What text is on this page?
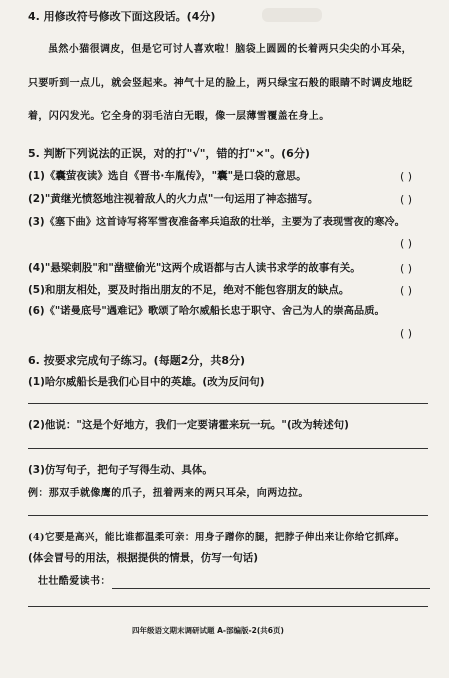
4. 用修改符号修改下面这段话。(4分)
虽然小猫很调皮，但是它可讨人喜欢啦！脑袋上圆圆的长着两只尖尖的小耳朵，
只要听到一点儿，就会竖起来。神气十足的脸上，两只绿宝石般的眼睛不时调皮地眨
着，闪闪发光。它全身的羽毛洁白无暇，像一层薄雪覆盖在身上。
5. 判断下列说法的正误，对的打"√"，错的打"×"。(6分)
(1)《囊萤夜读》选自《晋书·车胤传》，"囊"是口袋的意思。	( )
(2)"黄继光愤怒地注视着敌人的火力点"一句运用了神态描写。	( )
(3)《塞下曲》这首诗写将军雪夜准备率兵追敌的壮举，主要为了表现雪夜的寒冷。
( )
(4)"悬梁刺股"和"凿壁偷光"这两个成语都与古人读书求学的故事有关。	( )
(5)和朋友相处，要及时指出朋友的不足，绝对不能包容朋友的缺点。	( )
(6)《"诺曼底号"遇难记》歌颂了哈尔威船长忠于职守、舍己为人的崇高品质。
( )
6. 按要求完成句子练习。(每题2分，共8分)
(1)哈尔威船长是我们心目中的英雄。(改为反问句)
(2)他说："这是个好地方，我们一定要请霍来玩一玩。"(改为转述句)
(3)仿写句子，把句子写得生动、具体。
例：那双手就像鹰的爪子，扭着两来的两只耳朵，向两边拉。
(4)它要是高兴，能比谁都温柔可亲：用身子蹭你的腿，把脖子伸出来让你给它抓痒。
(体会冒号的用法，根据提供的情景，仿写一句话)
壮壮酷爱读书：
四年级语文期末调研试题 A-部编版-2(共6页)
